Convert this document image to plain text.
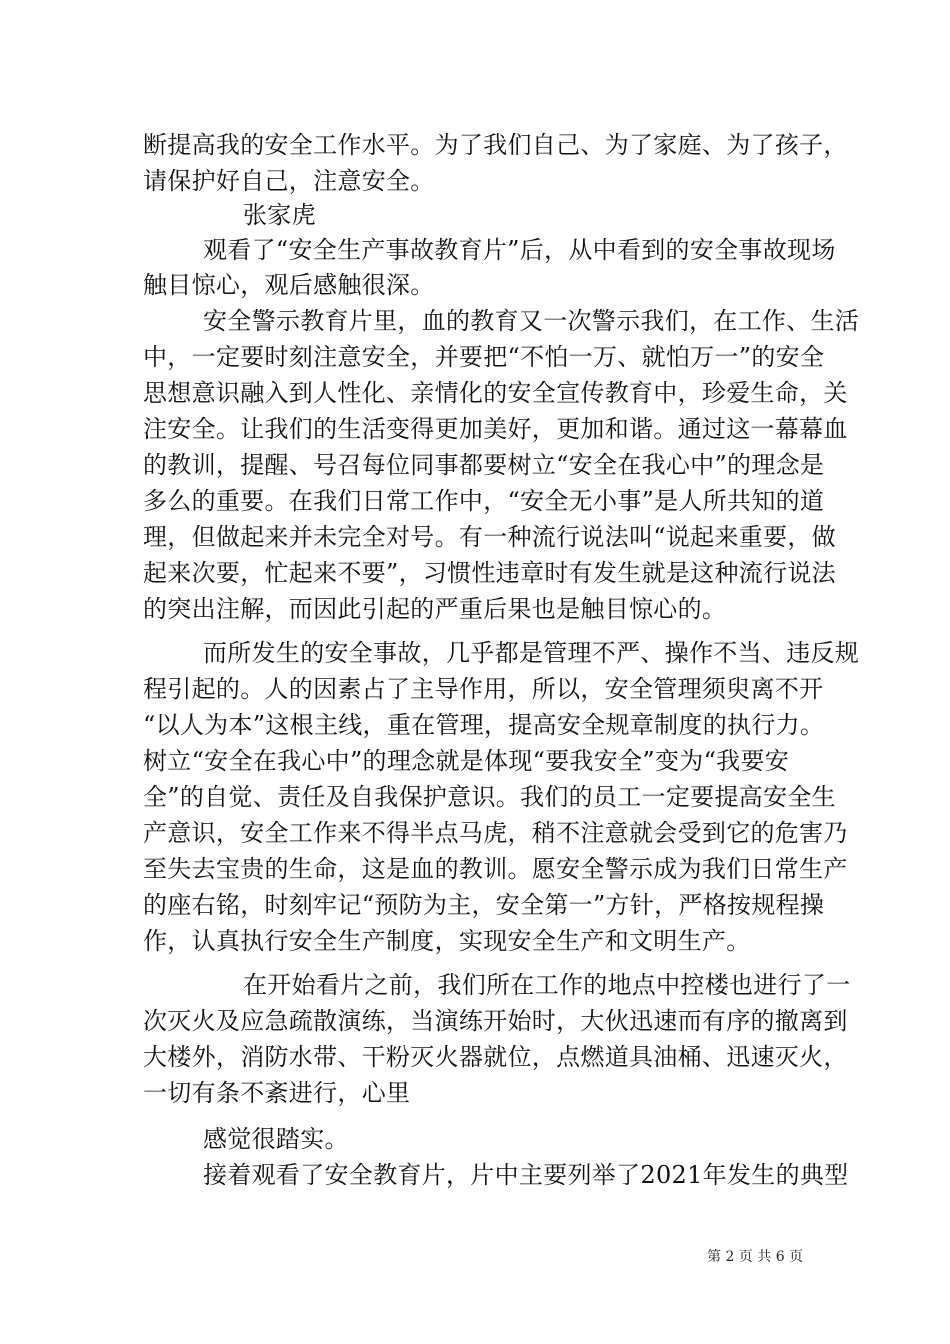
断提高我的安全工作水平。为了我们自己、为了家庭、为了孩子，
请保护好自己，注意安全。
张家虎
观看了“安全生产事故教育片”后，从中看到的安全事故现场
触目惊心，观后感触很深。
安全警示教育片里，血的教育又一次警示我们，在工作、生活
中，一定要时刻注意安全，并要把“不怕一万、就怕万一”的安全
思想意识融入到人性化、亲情化的安全宣传教育中，珍爱生命，关
注安全。让我们的生活变得更加美好，更加和谐。通过这一幕幕血
的教训，提醒、号召每位同事都要树立“安全在我心中”的理念是
多么的重要。在我们日常工作中，“安全无小事”是人所共知的道
理，但做起来并未完全对号。有一种流行说法叫“说起来重要，做
起来次要，忙起来不要”，习惯性违章时有发生就是这种流行说法
的突出注解，而因此引起的严重后果也是触目惊心的。
而所发生的安全事故，几乎都是管理不严、操作不当、违反规
程引起的。人的因素占了主导作用，所以，安全管理须臾离不开
“以人为本”这根主线，重在管理，提高安全规章制度的执行力。
树立“安全在我心中”的理念就是体现“要我安全”变为“我要安
全”的自觉、责任及自我保护意识。我们的员工一定要提高安全生
产意识，安全工作来不得半点马虎，稍不注意就会受到它的危害乃
至失去宝贵的生命，这是血的教训。愿安全警示成为我们日常生产
的座右铭，时刻牢记“预防为主，安全第一”方针，严格按规程操
作，认真执行安全生产制度，实现安全生产和文明生产。
在开始看片之前，我们所在工作的地点中控楼也进行了一
次灭火及应急疏散演练，当演练开始时，大伙迅速而有序的撤离到
大楼外，消防水带、干粉灭火器就位，点燃道具油桶、迅速灭火，
一切有条不紊进行，心里
感觉很踏实。
接着观看了安全教育片，片中主要列举了2021年发生的典型
第 2 页 共 6 页
